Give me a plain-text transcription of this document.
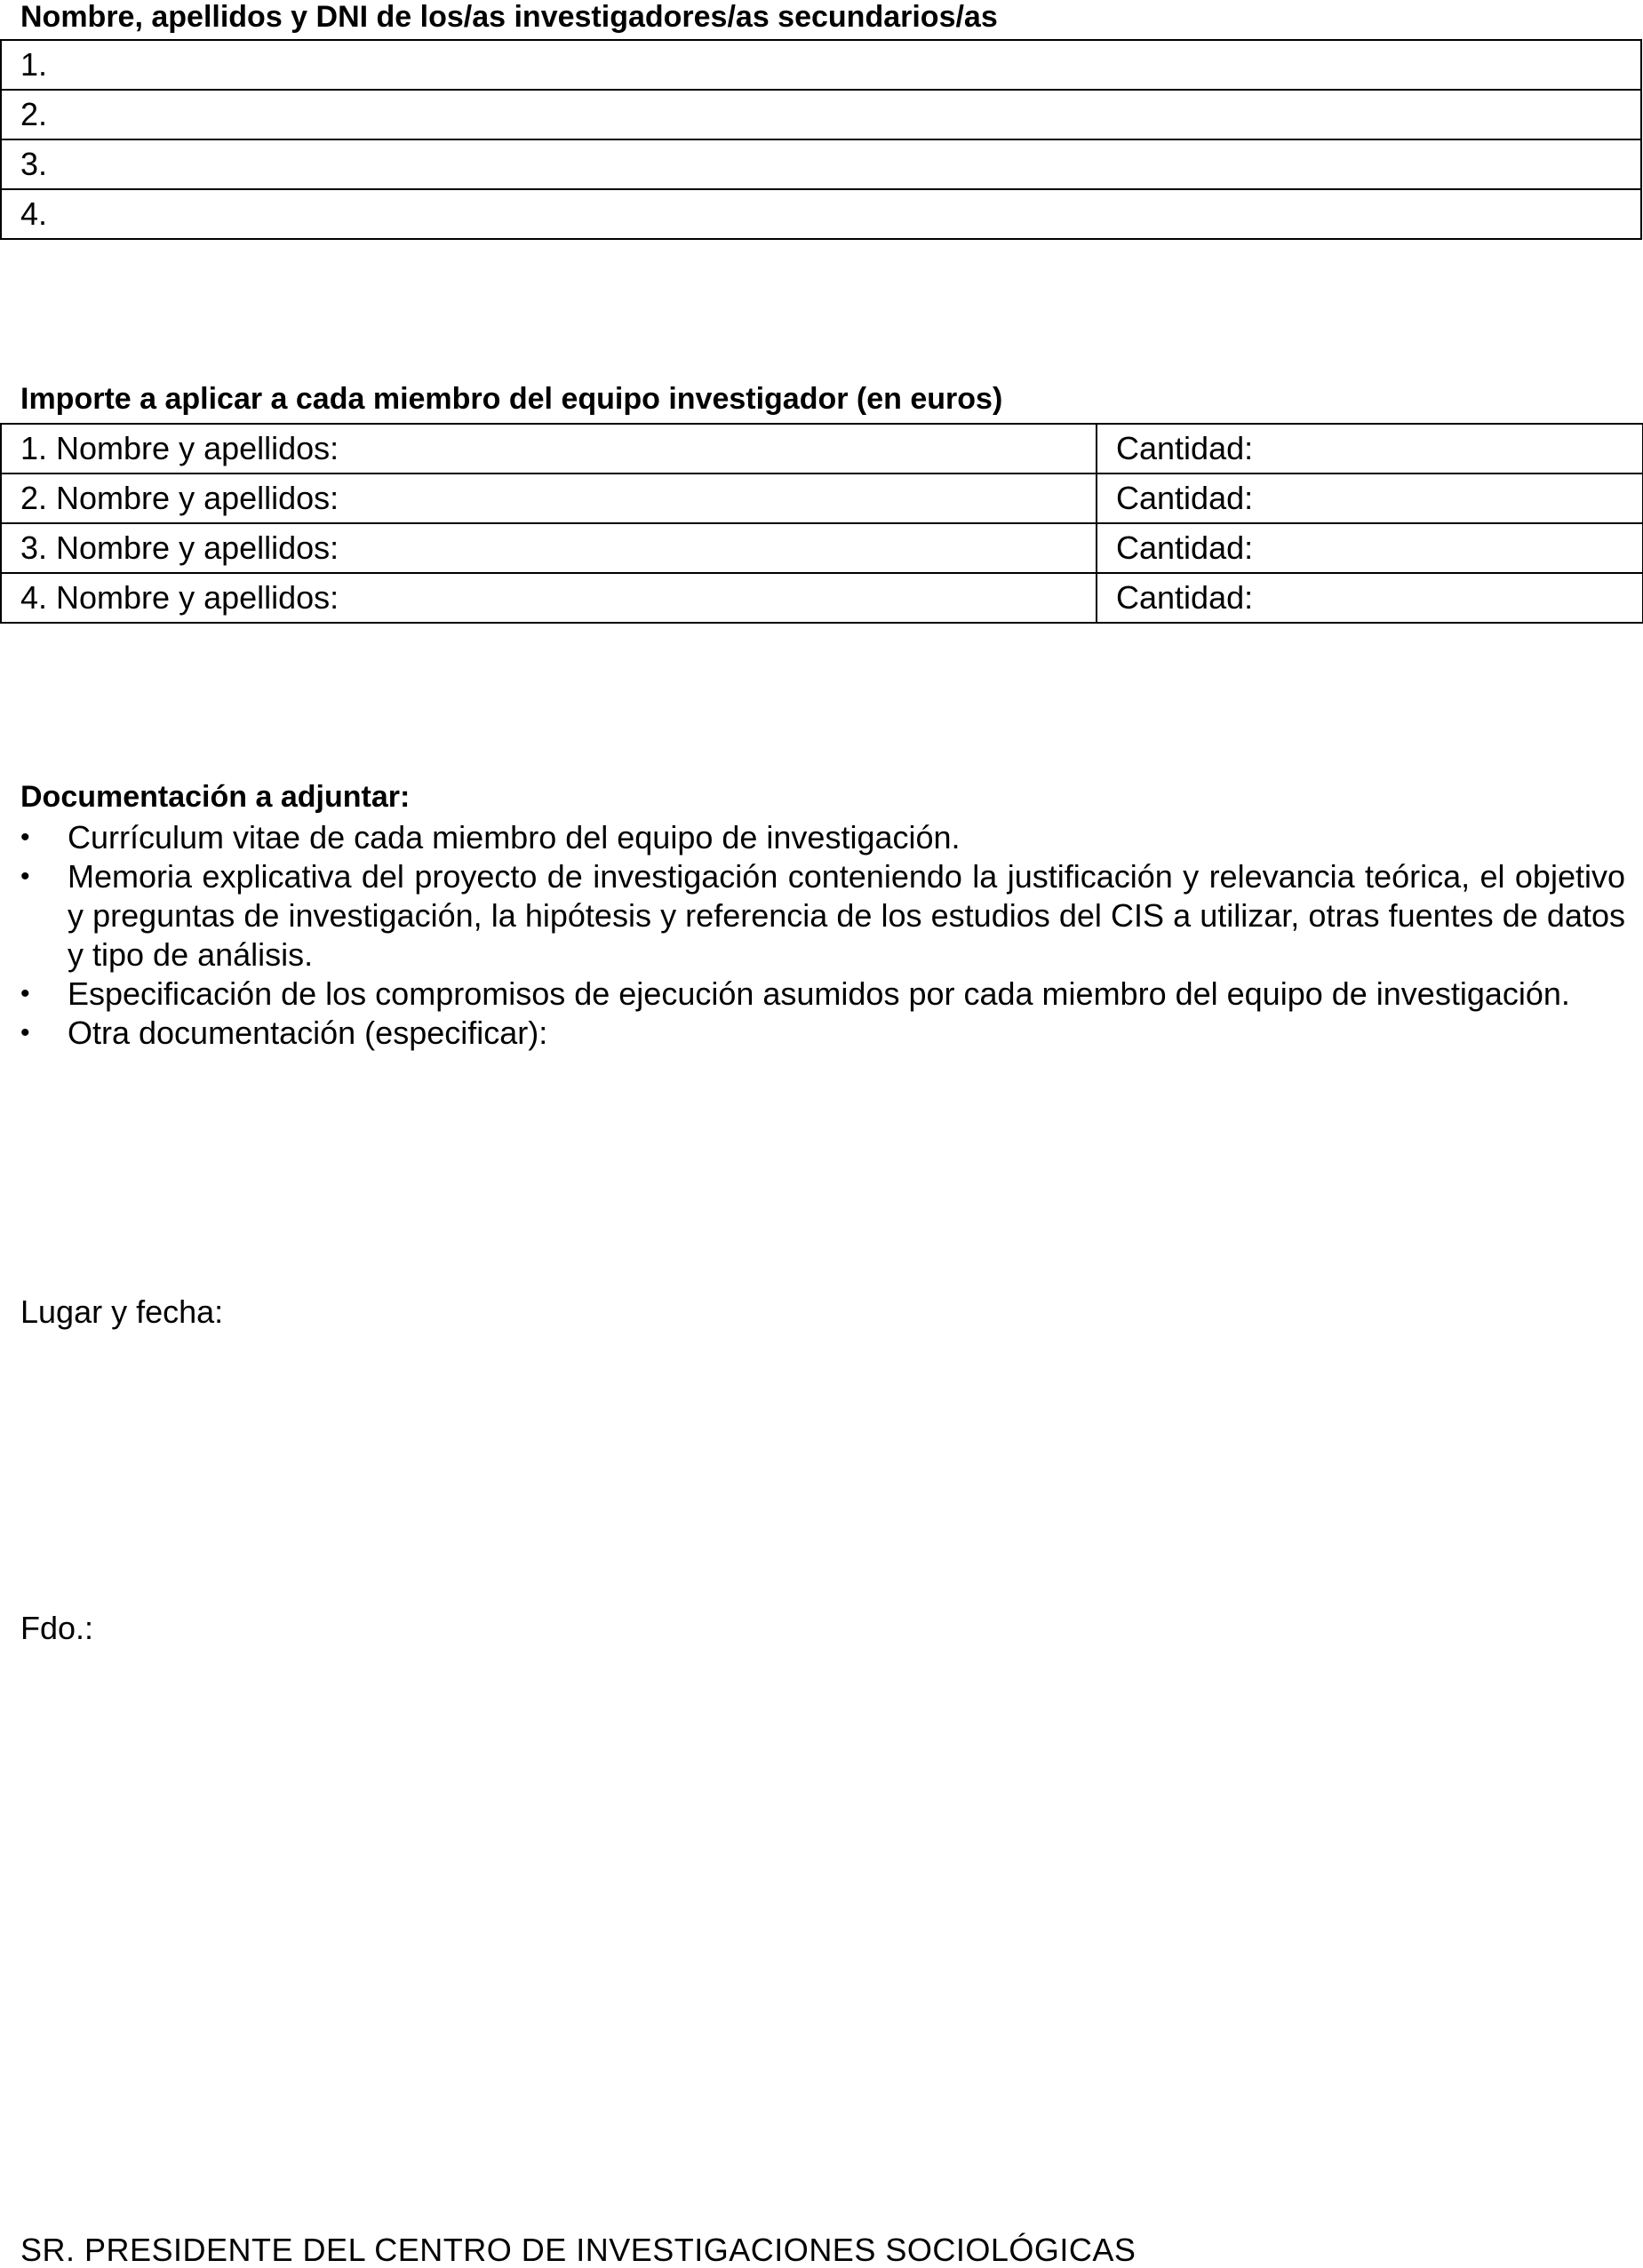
Nombre, apellidos y DNI de los/as investigadores/as secundarios/as
1.
2.
3.
4.
Importe a aplicar a cada miembro del equipo investigador (en euros)
1. Nombre y apellidos:	Cantidad:
2. Nombre y apellidos:	Cantidad:
3. Nombre y apellidos:	Cantidad:
4. Nombre y apellidos:	Cantidad:
Documentación a adjuntar:
•	Currículum vitae de cada miembro del equipo de investigación.
•	Memoria explicativa del proyecto de investigación conteniendo la justificación y relevancia teórica, el objetivo y preguntas de investigación, la hipótesis y referencia de los estudios del CIS a utilizar, otras fuentes de datos y tipo de análisis.
•	Especificación de los compromisos de ejecución asumidos por cada miembro del equipo de investigación.
•	Otra documentación (especificar):
Lugar y fecha:
Fdo.:
SR. PRESIDENTE DEL CENTRO DE INVESTIGACIONES SOCIOLÓGICAS
